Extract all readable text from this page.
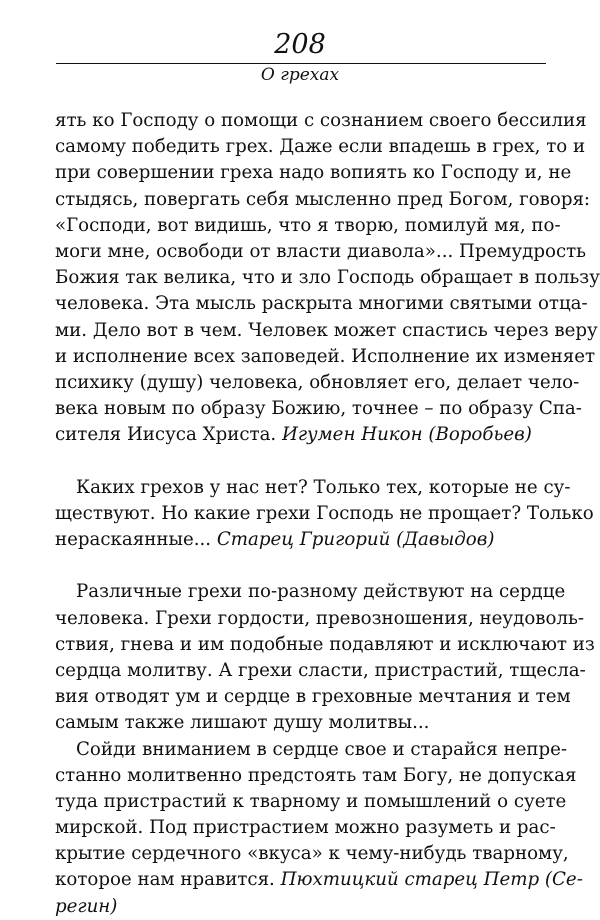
208
О грехах
ять ко Господу о помощи с сознанием своего бессилия
самому победить грех. Даже если впадешь в грех, то и
при совершении греха надо вопиять ко Господу и, не
стыдясь, повергать себя мысленно пред Богом, говоря:
«Господи, вот видишь, что я творю, помилуй мя, по-
моги мне, освободи от власти диавола»... Премудрость
Божия так велика, что и зло Господь обращает в пользу
человека. Эта мысль раскрыта многими святыми отца-
ми. Дело вот в чем. Человек может спастись через веру
и исполнение всех заповедей. Исполнение их изменяет
психику (душу) человека, обновляет его, делает чело-
века новым по образу Божию, точнее – по образу Спа-
сителя Иисуса Христа. Игумен Никон (Воробьев)
Каких грехов у нас нет? Только тех, которые не су-
ществуют. Но какие грехи Господь не прощает? Только
нераскаянные... Старец Григорий (Давыдов)
Различные грехи по-разному действуют на сердце
человека. Грехи гордости, превозношения, неудоволь-
ствия, гнева и им подобные подавляют и исключают из
сердца молитву. А грехи сласти, пристрастий, тщесла-
вия отводят ум и сердце в греховные мечтания и тем
самым также лишают душу молитвы...
Сойди вниманием в сердце свое и старайся непре-
станно молитвенно предстоять там Богу, не допуская
туда пристрастий к тварному и помышлений о суете
мирской. Под пристрастием можно разуметь и рас-
крытие сердечного «вкуса» к чему-нибудь тварному,
которое нам нравится. Пюхтицкий старец Петр (Се-
регин)
